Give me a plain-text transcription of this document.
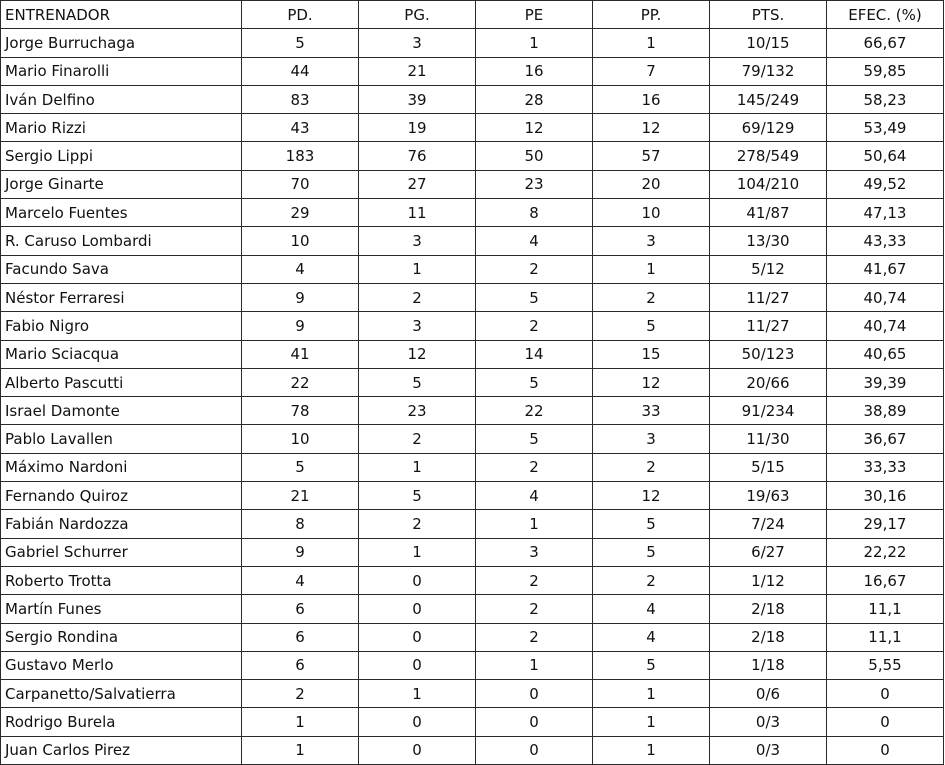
ENTRENADOR	PD.	PG.	PE	PP.	PTS.	EFEC. (%)
Jorge Burruchaga	5	3	1	1	10/15	66,67
Mario Finarolli	44	21	16	7	79/132	59,85
Iván Delfino	83	39	28	16	145/249	58,23
Mario Rizzi	43	19	12	12	69/129	53,49
Sergio Lippi	183	76	50	57	278/549	50,64
Jorge Ginarte	70	27	23	20	104/210	49,52
Marcelo Fuentes	29	11	8	10	41/87	47,13
R. Caruso Lombardi	10	3	4	3	13/30	43,33
Facundo Sava	4	1	2	1	5/12	41,67
Néstor Ferraresi	9	2	5	2	11/27	40,74
Fabio Nigro	9	3	2	5	11/27	40,74
Mario Sciacqua	41	12	14	15	50/123	40,65
Alberto Pascutti	22	5	5	12	20/66	39,39
Israel Damonte	78	23	22	33	91/234	38,89
Pablo Lavallen	10	2	5	3	11/30	36,67
Máximo Nardoni	5	1	2	2	5/15	33,33
Fernando Quiroz	21	5	4	12	19/63	30,16
Fabián Nardozza	8	2	1	5	7/24	29,17
Gabriel Schurrer	9	1	3	5	6/27	22,22
Roberto Trotta	4	0	2	2	1/12	16,67
Martín Funes	6	0	2	4	2/18	11,1
Sergio Rondina	6	0	2	4	2/18	11,1
Gustavo Merlo	6	0	1	5	1/18	5,55
Carpanetto/Salvatierra	2	1	0	1	0/6	0
Rodrigo Burela	1	0	0	1	0/3	0
Juan Carlos Pirez	1	0	0	1	0/3	0
